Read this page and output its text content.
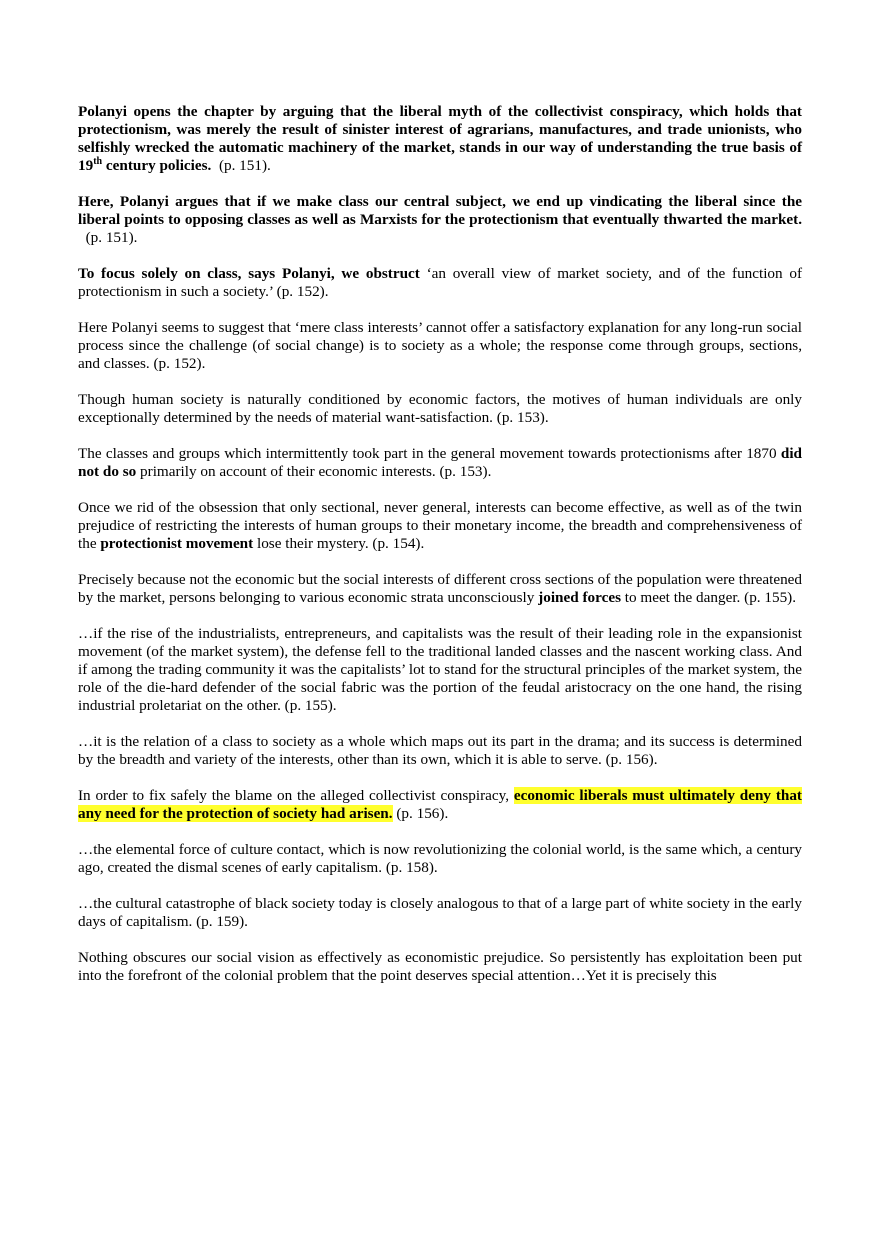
Polanyi opens the chapter by arguing that the liberal myth of the collectivist conspiracy, which holds that protectionism, was merely the result of sinister interest of agrarians, manufactures, and trade unionists, who selfishly wrecked the automatic machinery of the market, stands in our way of understanding the true basis of 19th century policies.  (p. 151).

Here, Polanyi argues that if we make class our central subject, we end up vindicating the liberal since the liberal points to opposing classes as well as Marxists for the protectionism that eventually thwarted the market.  (p. 151).

To focus solely on class, says Polanyi, we obstruct ‘an overall view of market society, and of the function of protectionism in such a society.’ (p. 152).

Here Polanyi seems to suggest that ‘mere class interests’ cannot offer a satisfactory explanation for any long-run social process since the challenge (of social change) is to society as a whole; the response come through groups, sections, and classes. (p. 152).

Though human society is naturally conditioned by economic factors, the motives of human individuals are only exceptionally determined by the needs of material want-satisfaction. (p. 153).

The classes and groups which intermittently took part in the general movement towards protectionisms after 1870 did not do so primarily on account of their economic interests. (p. 153).

Once we rid of the obsession that only sectional, never general, interests can become effective, as well as of the twin prejudice of restricting the interests of human groups to their monetary income, the breadth and comprehensiveness of the protectionist movement lose their mystery. (p. 154).

Precisely because not the economic but the social interests of different cross sections of the population were threatened by the market, persons belonging to various economic strata unconsciously joined forces to meet the danger. (p. 155).

…if the rise of the industrialists, entrepreneurs, and capitalists was the result of their leading role in the expansionist movement (of the market system), the defense fell to the traditional landed classes and the nascent working class. And if among the trading community it was the capitalists’ lot to stand for the structural principles of the market system, the role of the die-hard defender of the social fabric was the portion of the feudal aristocracy on the one hand, the rising industrial proletariat on the other. (p. 155).

…it is the relation of a class to society as a whole which maps out its part in the drama; and its success is determined by the breadth and variety of the interests, other than its own, which it is able to serve. (p. 156).

In order to fix safely the blame on the alleged collectivist conspiracy, economic liberals must ultimately deny that any need for the protection of society had arisen. (p. 156).

…the elemental force of culture contact, which is now revolutionizing the colonial world, is the same which, a century ago, created the dismal scenes of early capitalism. (p. 158).

…the cultural catastrophe of black society today is closely analogous to that of a large part of white society in the early days of capitalism. (p. 159).

Nothing obscures our social vision as effectively as economistic prejudice. So persistently has exploitation been put into the forefront of the colonial problem that the point deserves special attention…Yet it is precisely this
